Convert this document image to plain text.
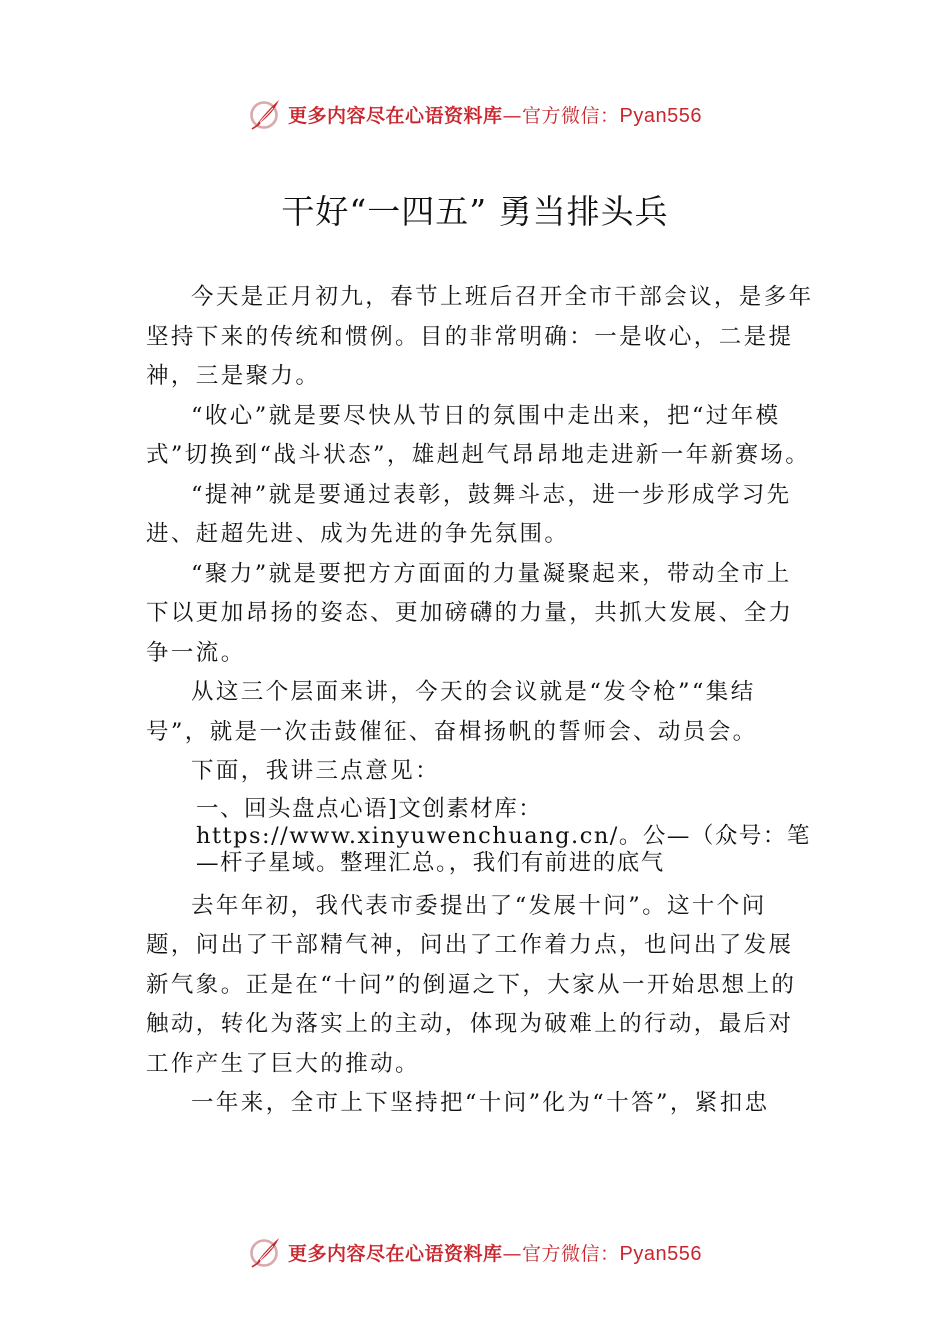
更多内容尽在心语资料库—官方微信：Pyan556
干好“一四五” 勇当排头兵

今天是正月初九，春节上班后召开全市干部会议，是多年坚持下来的传统和惯例。目的非常明确：一是收心，二是提神，三是聚力。

“收心”就是要尽快从节日的氛围中走出来，把“过年模式”切换到“战斗状态”，雄赳赳气昂昂地走进新一年新赛场。

“提神”就是要通过表彰，鼓舞斗志，进一步形成学习先进、赶超先进、成为先进的争先氛围。

“聚力”就是要把方方面面的力量凝聚起来，带动全市上下以更加昂扬的姿态、更加磅礴的力量，共抓大发展、全力争一流。

从这三个层面来讲，今天的会议就是“发令枪”“集结号”，就是一次击鼓催征、奋楫扬帆的誓师会、动员会。

下面，我讲三点意见：

一、回头盘点心语]文创素材库：https://www.xinyuwenchuang.cn/。公—（众号：笔—杆子星域。整理汇总。，我们有前进的底气

去年年初，我代表市委提出了“发展十问”。这十个问题，问出了干部精气神，问出了工作着力点，也问出了发展新气象。正是在“十问”的倒逼之下，大家从一开始思想上的触动，转化为落实上的主动，体现为破难上的行动，最后对工作产生了巨大的推动。

一年来，全市上下坚持把“十问”化为“十答”，紧扣忠

更多内容尽在心语资料库—官方微信：Pyan556
